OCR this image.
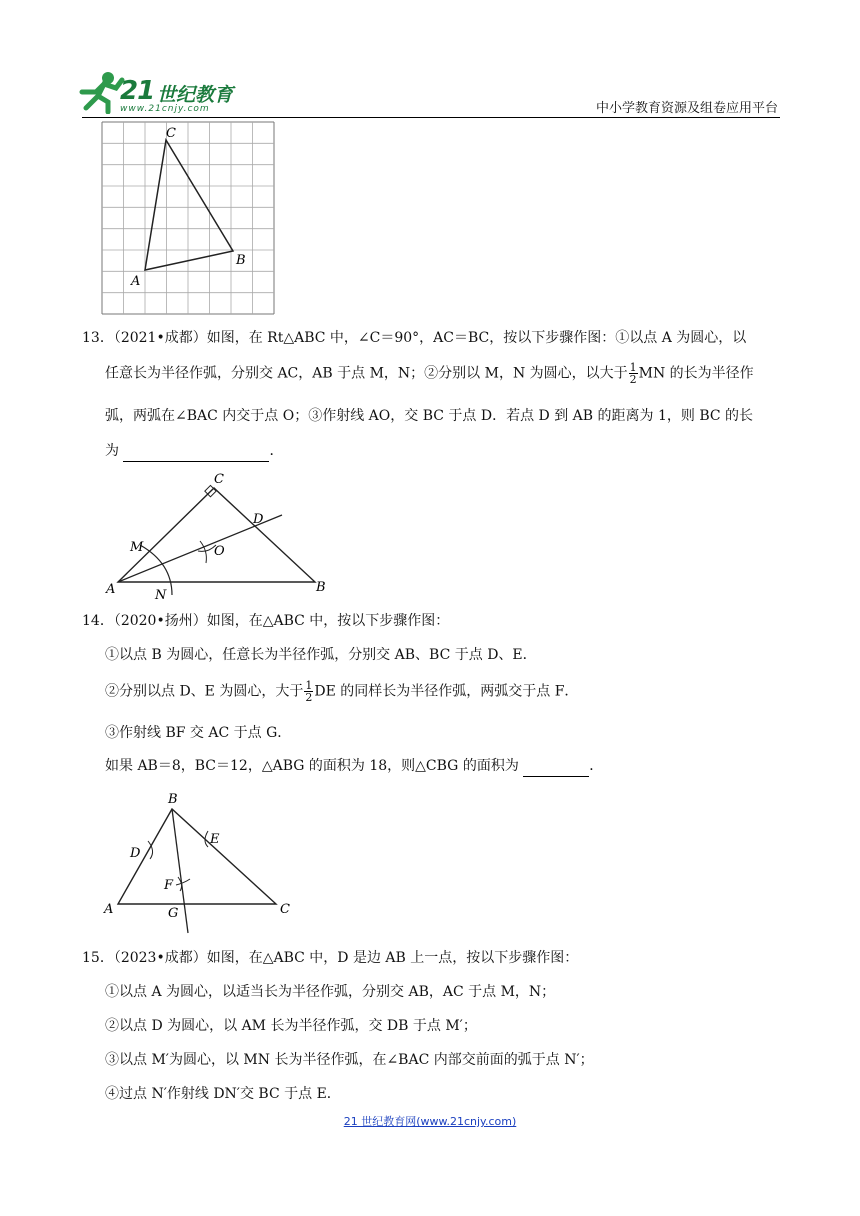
21 世纪教育
www.21cnjy.com	中小学教育资源及组卷应用平台
C
B
A
13．（2021•成都）如图，在 Rt△ABC 中，∠C＝90°，AC＝BC，按以下步骤作图：①以点 A 为圆心，以
任意长为半径作弧，分别交 AC，AB 于点 M，N；②分别以 M，N 为圆心，以大于 $\frac{1}{2}$ MN 的长为半径作
弧，两弧在∠BAC 内交于点 O；③作射线 AO，交 BC 于点 D．若点 D 到 AB 的距离为 1，则 BC 的长
为	．
C
D
M	O
A	N
B
14．（2020•扬州）如图，在△ABC 中，按以下步骤作图：
①以点 B 为圆心，任意长为半径作弧，分别交 AB、BC 于点 D、E．
②分别以点 D、E 为圆心，大于 $\frac{1}{2}$ DE 的同样长为半径作弧，两弧交于点 F．
③作射线 BF 交 AC 于点 G．
如果 AB＝8，BC＝12，△ABG 的面积为 18，则△CBG 的面积为	．
B
D
E
F
A	G	C
15．（2023•成都）如图，在△ABC 中，D 是边 AB 上一点，按以下步骤作图：
①以点 A 为圆心，以适当长为半径作弧，分别交 AB，AC 于点 M，N；
②以点 D 为圆心，以 AM 长为半径作弧，交 DB 于点 M′；
③以点 M′为圆心，以 MN 长为半径作弧，在∠BAC 内部交前面的弧于点 N′；
④过点 N′作射线 DN′交 BC 于点 E．
21 世纪教育网(www.21cnjy.com)
